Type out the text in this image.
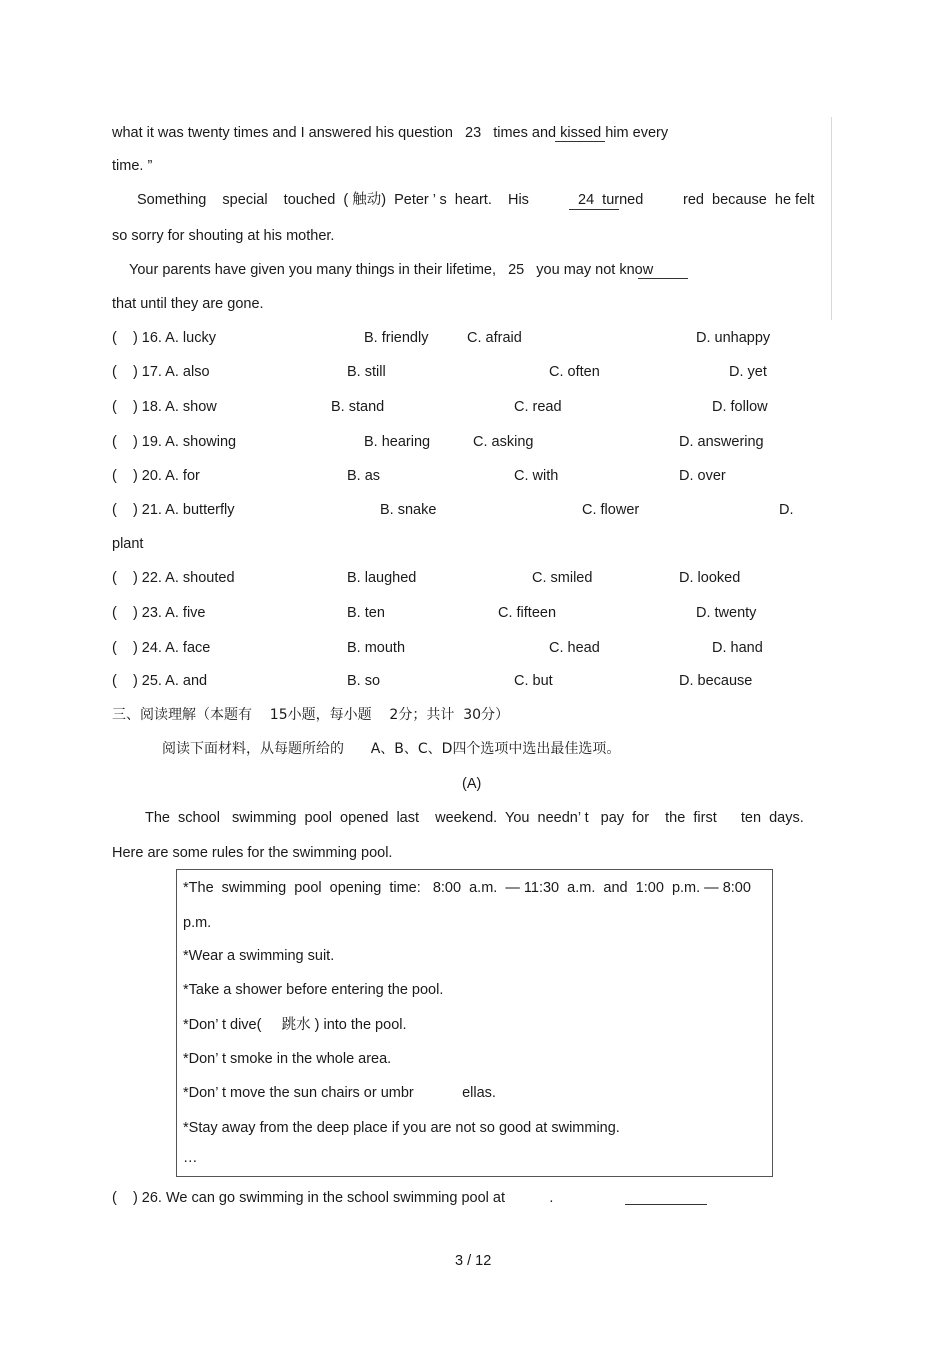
what it was twenty times and I answered his question   23   times and kissed him every
time. ”
Something    special    touched  ( 触动)  Peter ’ s  heart.    His	24  turned	red  because  he felt
so sorry for shouting at his mother.
Your parents have given you many things in their lifetime,   25   you may not know
that until they are gone.
(    ) 16. A. lucky	B. friendly	C. afraid	D. unhappy
(    ) 17. A. also	B. still	C. often	D. yet
(    ) 18. A. show	B. stand	C. read	D. follow
(    ) 19. A. showing	B. hearing	C. asking	D. answering
(    ) 20. A. for	B. as	C. with	D. over
(    ) 21. A. butterfly	B. snake	C. flower	D.
plant
(    ) 22. A. shouted	B. laughed	C. smiled	D. looked
(    ) 23. A. five	B. ten	C. fifteen	D. twenty
(    ) 24. A. face	B. mouth	C. head	D. hand
(    ) 25. A. and	B. so	C. but	D. because
三、阅读理解（本题有    15小题，每小题    2分；共计  30分）
阅读下面材料，从每题所给的      A、B、C、D四个选项中选出最佳选项。
(A)
The  school   swimming  pool  opened  last    weekend.  You  needn’ t   pay  for    the  first      ten  days.
Here are some rules for the swimming pool.
*The  swimming  pool  opening  time:   8:00  a.m.  — 11:30  a.m.  and  1:00  p.m. — 8:00
p.m.
*Wear a swimming suit.
*Take a shower before entering the pool.
*Don’ t dive(     跳水 ) into the pool.
*Don’ t smoke in the whole area.
*Don’ t move the sun chairs or umbr            ellas.
*Stay away from the deep place if you are not so good at swimming.
…
(    ) 26. We can go swimming in the school swimming pool at           .
3 / 12
